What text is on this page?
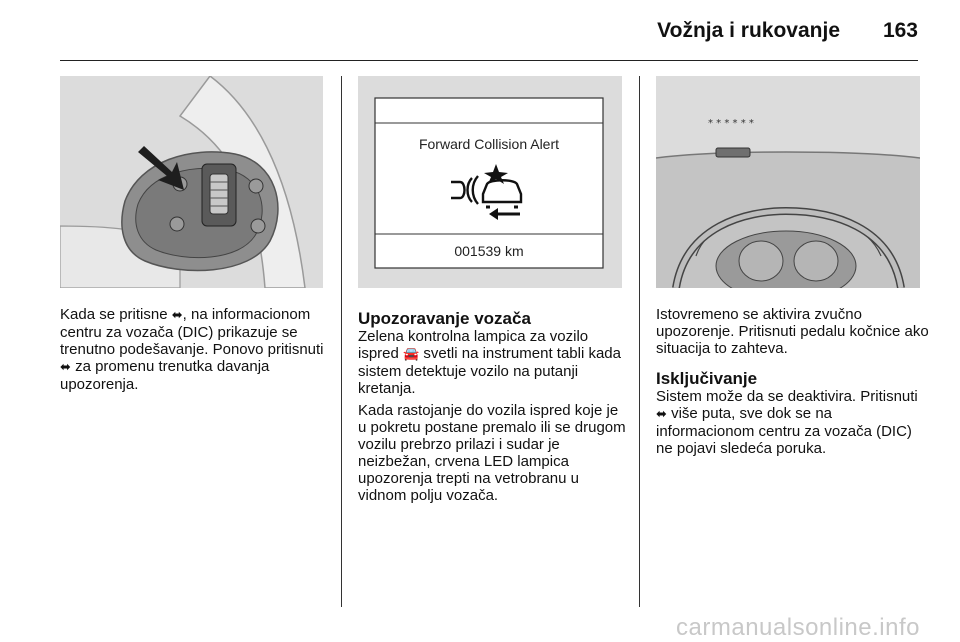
Vožnja i rukovanje	163
Forward Collision Alert
001539 km
* * * * * *

Kada se pritisne ⬌, na informacionom centru za vozača (DIC) prikazuje se trenutno podešavanje. Ponovo pritisnuti ⬌ za promenu trenutka davanja upozorenja.

Upozoravanje vozača

Zelena kontrolna lampica za vozilo ispred 🚘 svetli na instrument tabli kada sistem detektuje vozilo na putanji kretanja.

Kada rastojanje do vozila ispred koje je u pokretu postane premalo ili se drugom vozilu prebrzo prilazi i sudar je neizbežan, crvena LED lampica upozorenja trepti na vetrobranu u vidnom polju vozača.

Istovremeno se aktivira zvučno upozorenje. Pritisnuti pedalu kočnice ako situacija to zahteva.

Isključivanje

Sistem može da se deaktivira. Pritisnuti ⬌ više puta, sve dok se na informacionom centru za vozača (DIC) ne pojavi sledeća poruka.

carmanualsonline.info
